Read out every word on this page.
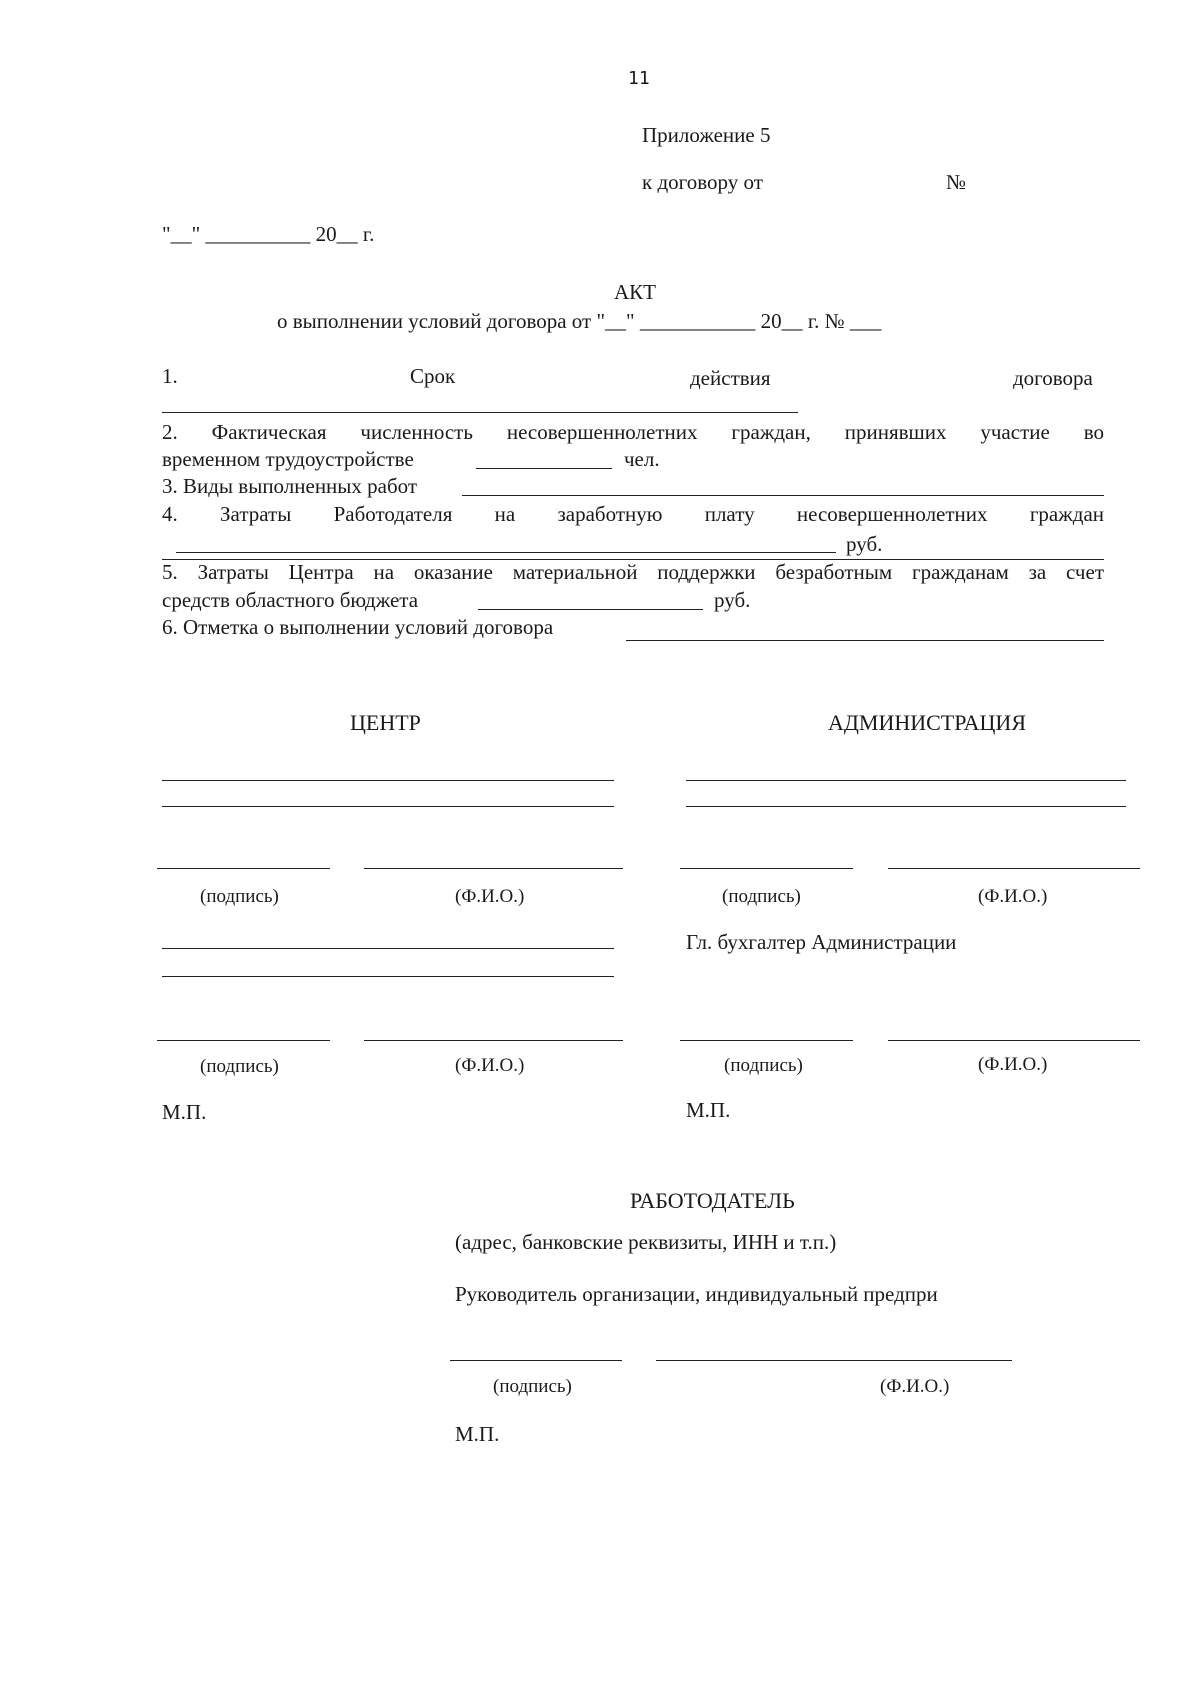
11
Приложение 5
к договору от	№
"__" __________ 20__ г.
АКТ
о выполнении условий договора от "__" ___________ 20__ г. № ___
1.	Срок	действия	договора
2. Фактическая численность несовершеннолетних граждан, принявших участие во
временном трудоустройстве	чел.
3. Виды выполненных работ
4. Затраты Работодателя на заработную плату несовершеннолетних граждан
руб.
5. Затраты Центра на оказание материальной поддержки безработным гражданам за счет
средств областного бюджета	руб.
6. Отметка о выполнении условий договора
ЦЕНТР	АДМИНИСТРАЦИЯ
(подпись)	(Ф.И.О.)	(подпись)	(Ф.И.О.)
Гл. бухгалтер Администрации
(подпись)	(Ф.И.О.)	(подпись)	(Ф.И.О.)
М.П.	М.П.
РАБОТОДАТЕЛЬ
(адрес, банковские реквизиты, ИНН и т.п.)
Руководитель организации, индивидуальный предпри
(подпись)	(Ф.И.О.)
М.П.
